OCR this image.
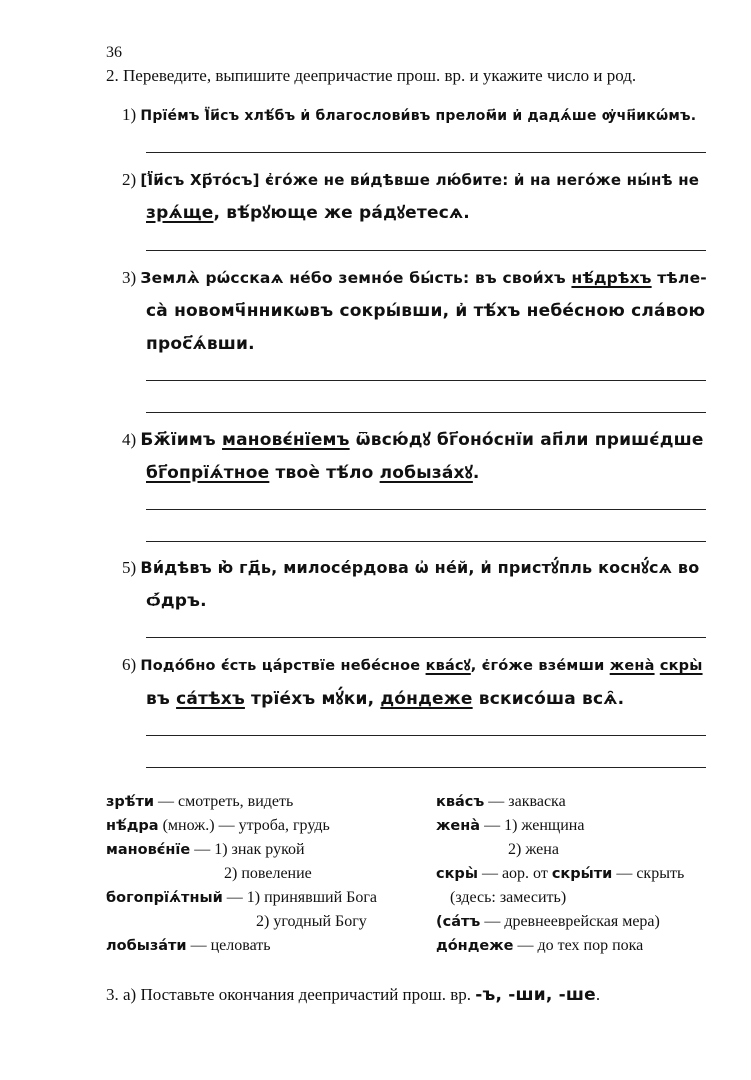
36
2. Переведите, выпишите деепричастие прош. вр. и укажите число и род.
1) Прїе́мъ Ї҆и҃съ хлѣ́бъ и҆ благослови́въ прелом҃и и҆ дадѧ́ше ѹ҆чн҃икѡ́мъ.
2) [Ї҆и҃съ Хр҃то́съ] є҆го́же не ви́дѣвше лю́бите: и҆ на него́же ны́нѣ не
зрѧ́ще, вѣ́рꙋюще же ра́дꙋетесѧ.
3) Землѧ̀ рѡ́сскаѧ не́бо земно́е бы́сть: въ свои́хъ нѣ́дрѣхъ тѣле-
са̀ новомч҃нникѡвъ сокры́вши, и҆ тѣ́хъ небе́сною сла́вою
прос҃ѧ́вши.
4) Бж҃їимъ мановє́нїемъ ѿвсю́дꙋ бг҃оно́снїи ап҃ли пришє́дше
бг҃опрїѧ́тное твоѐ тѣ́ло лобыза́хꙋ.
5) Ви́дѣвъ ю҆̀ гд҃ь, милосе́рдова ѡ҆ не́й, и҆ приcтꙋ́пль коснꙋ́сѧ во
ѻ҆́дръ.
6) Подо́бно є҆́сть ца́рствїе небе́сное ква́сꙋ, є҆го́же взе́мши жена̀ скры̀
въ са́тѣхъ трїе́хъ мꙋ́ки, до́ндеже вскисо́ша всѧ̑.
зрѣ́ти — смотреть, видеть
нѣ́дра (множ.) — утроба, грудь
мановє́нїе — 1) знак рукой
2) повеление
богопрїѧ́тный — 1) принявший Бога
2) угодный Богу
лобыза́ти — целовать
ква́съ — закваска
жена̀ — 1) женщина
2) жена
скры̀ — аор. от скры́ти — скрыть
(здесь: замесить)
(са́тъ — древнееврейская мера)
до́ндеже — до тех пор пока
3. а) Поставьте окончания деепричастий прош. вр. -ъ, -ши, -ше.
